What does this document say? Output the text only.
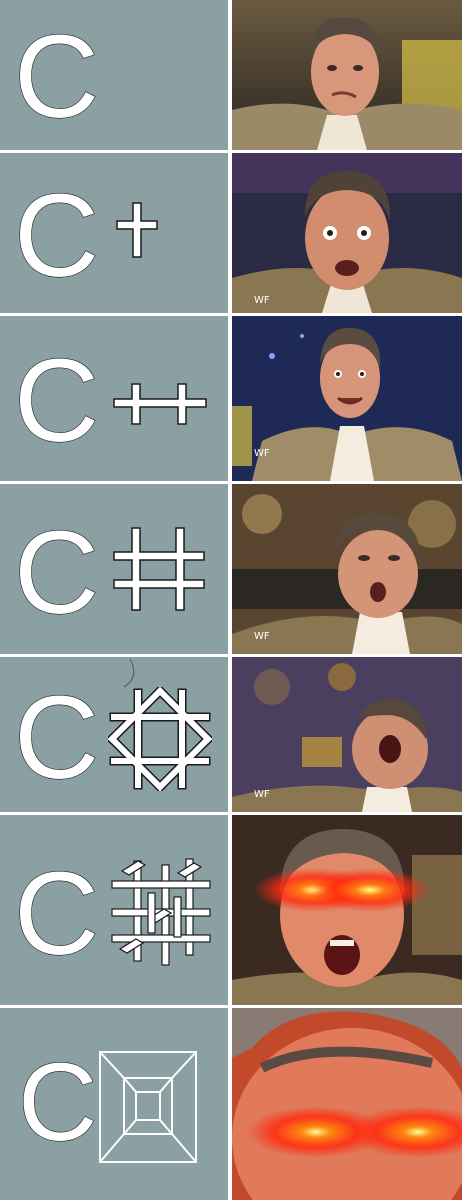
C
C	WF
C	WF
C	WF
C	WF
C
C
